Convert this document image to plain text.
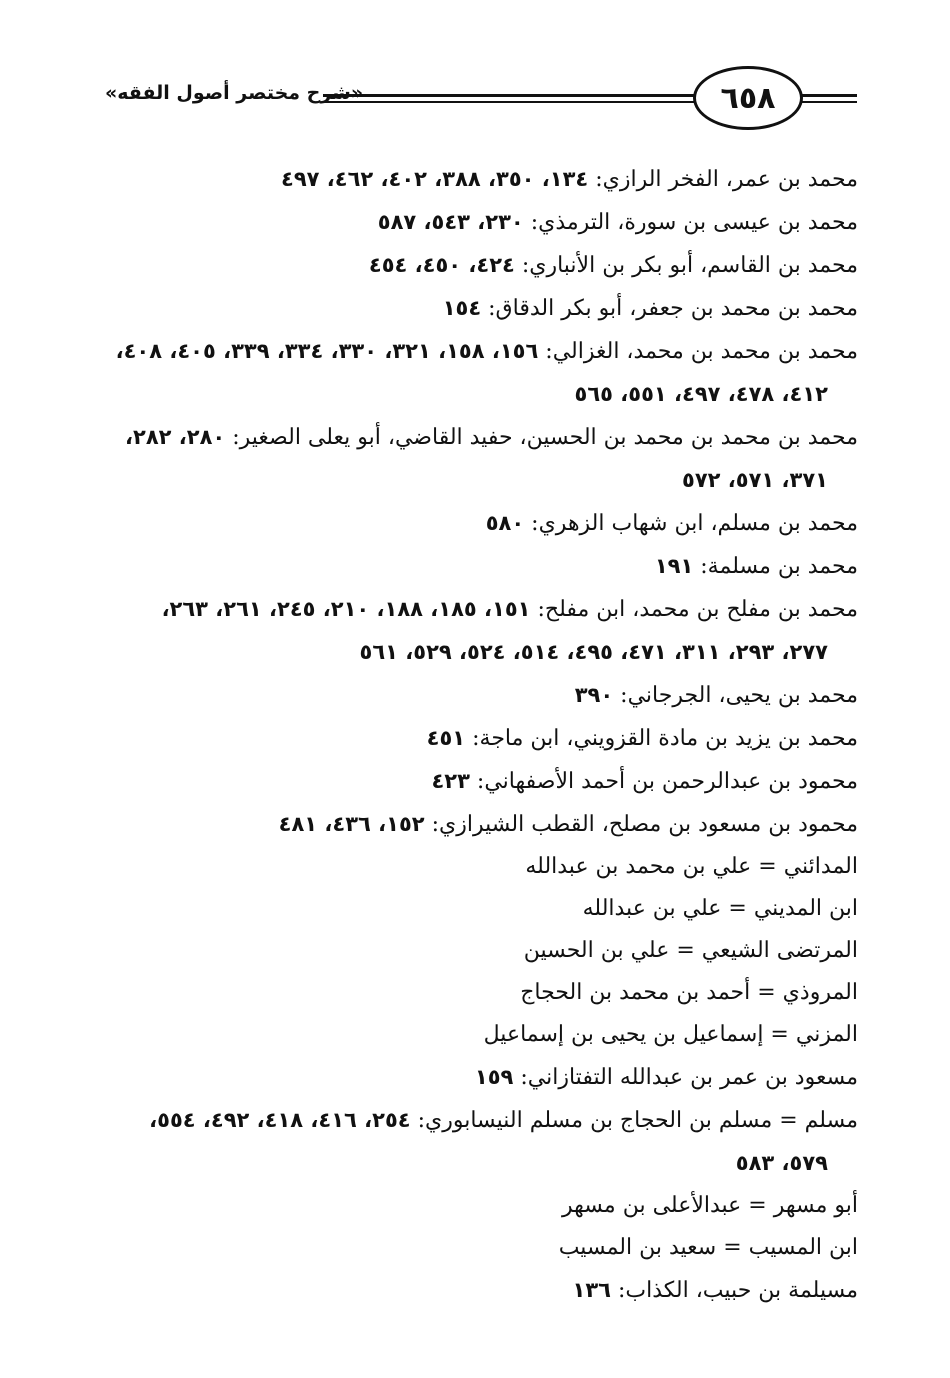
٦٥٨
«شرح مختصر أصول الفقه»

محمد بن عمر، الفخر الرازي: ١٣٤، ٣٥٠، ٣٨٨، ٤٠٢، ٤٦٢، ٤٩٧

محمد بن عيسى بن سورة، الترمذي: ٢٣٠، ٥٤٣، ٥٨٧

محمد بن القاسم، أبو بكر بن الأنباري: ٤٢٤، ٤٥٠، ٤٥٤

محمد بن محمد بن جعفر، أبو بكر الدقاق: ١٥٤

محمد بن محمد بن محمد، الغزالي: ١٥٦، ١٥٨، ٣٢١، ٣٣٠، ٣٣٤، ٣٣٩، ٤٠٥، ٤٠٨، ٤١٢، ٤٧٨، ٤٩٧، ٥٥١، ٥٦٥

محمد بن محمد بن محمد بن الحسين، حفيد القاضي، أبو يعلى الصغير: ٢٨٠، ٢٨٢، ٣٧١، ٥٧١، ٥٧٢

محمد بن مسلم، ابن شهاب الزهري: ٥٨٠

محمد بن مسلمة: ١٩١

محمد بن مفلح بن محمد، ابن مفلح: ١٥١، ١٨٥، ١٨٨، ٢١٠، ٢٤٥، ٢٦١، ٢٦٣، ٢٧٧، ٢٩٣، ٣١١، ٤٧١، ٤٩٥، ٥١٤، ٥٢٤، ٥٢٩، ٥٦١

محمد بن يحيى، الجرجاني: ٣٩٠

محمد بن يزيد بن مادة القزويني، ابن ماجة: ٤٥١

محمود بن عبدالرحمن بن أحمد الأصفهاني: ٤٢٣

محمود بن مسعود بن مصلح، القطب الشيرازي: ١٥٢، ٤٣٦، ٤٨١

المدائني = علي بن محمد بن عبدالله

ابن المديني = علي بن عبدالله

المرتضى الشيعي = علي بن الحسين

المروذي = أحمد بن محمد بن الحجاج

المزني = إسماعيل بن يحيى بن إسماعيل

مسعود بن عمر بن عبدالله التفتازاني: ١٥٩

مسلم = مسلم بن الحجاج بن مسلم النيسابوري: ٢٥٤، ٤١٦، ٤١٨، ٤٩٢، ٥٥٤، ٥٧٩، ٥٨٣

أبو مسهر = عبدالأعلى بن مسهر

ابن المسيب = سعيد بن المسيب

مسيلمة بن حبيب، الكذاب: ١٣٦
